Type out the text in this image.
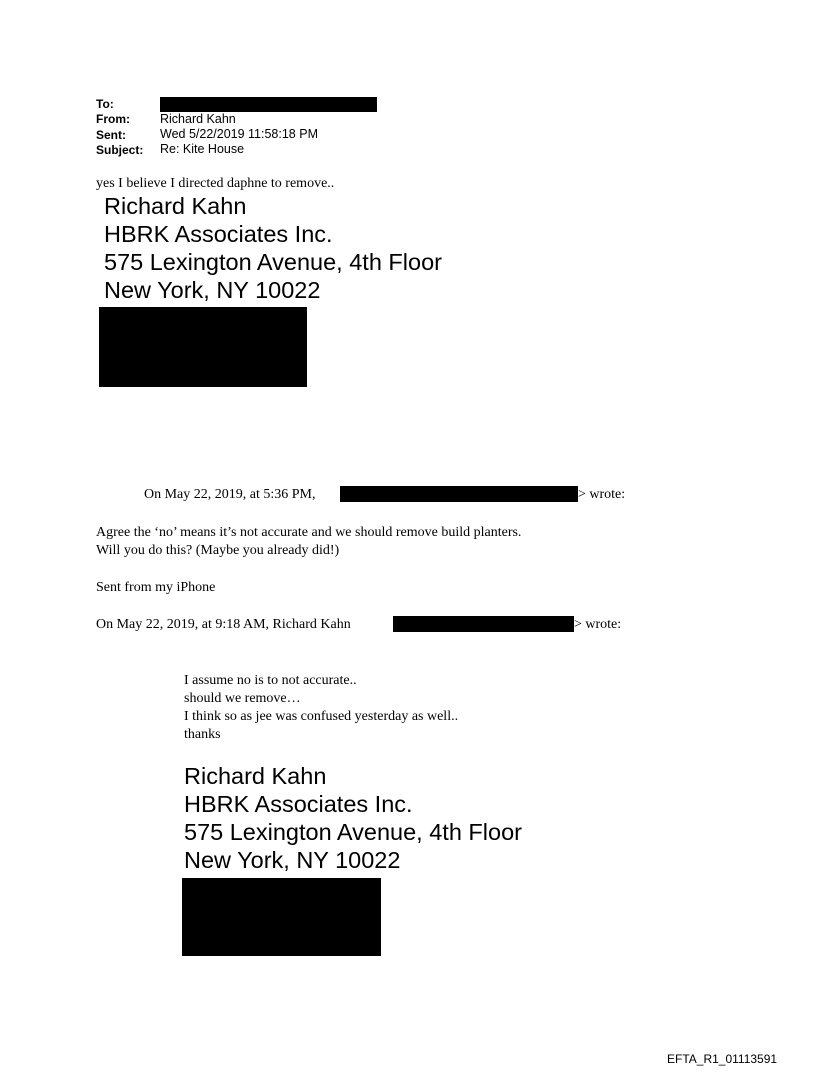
To:
From: Richard Kahn
Sent:	Wed 5/22/2019 11:58:18 PM
Subject: Re: Kite House
yes I believe I directed daphne to remove..
Richard Kahn
HBRK Associates Inc.
575 Lexington Avenue, 4th Floor
New York, NY 10022
On May 22, 2019, at 5:36 PM,	> wrote:
Agree the ‘no’ means it’s not accurate and we should remove build planters.
Will you do this? (Maybe you already did!)
Sent from my iPhone
On May 22, 2019, at 9:18 AM, Richard Kahn	> wrote:
I assume no is to not accurate..
should we remove…
I think so as jee was confused yesterday as well..
thanks
Richard Kahn
HBRK Associates Inc.
575 Lexington Avenue, 4th Floor
New York, NY 10022
EFTA_R1_01113591
